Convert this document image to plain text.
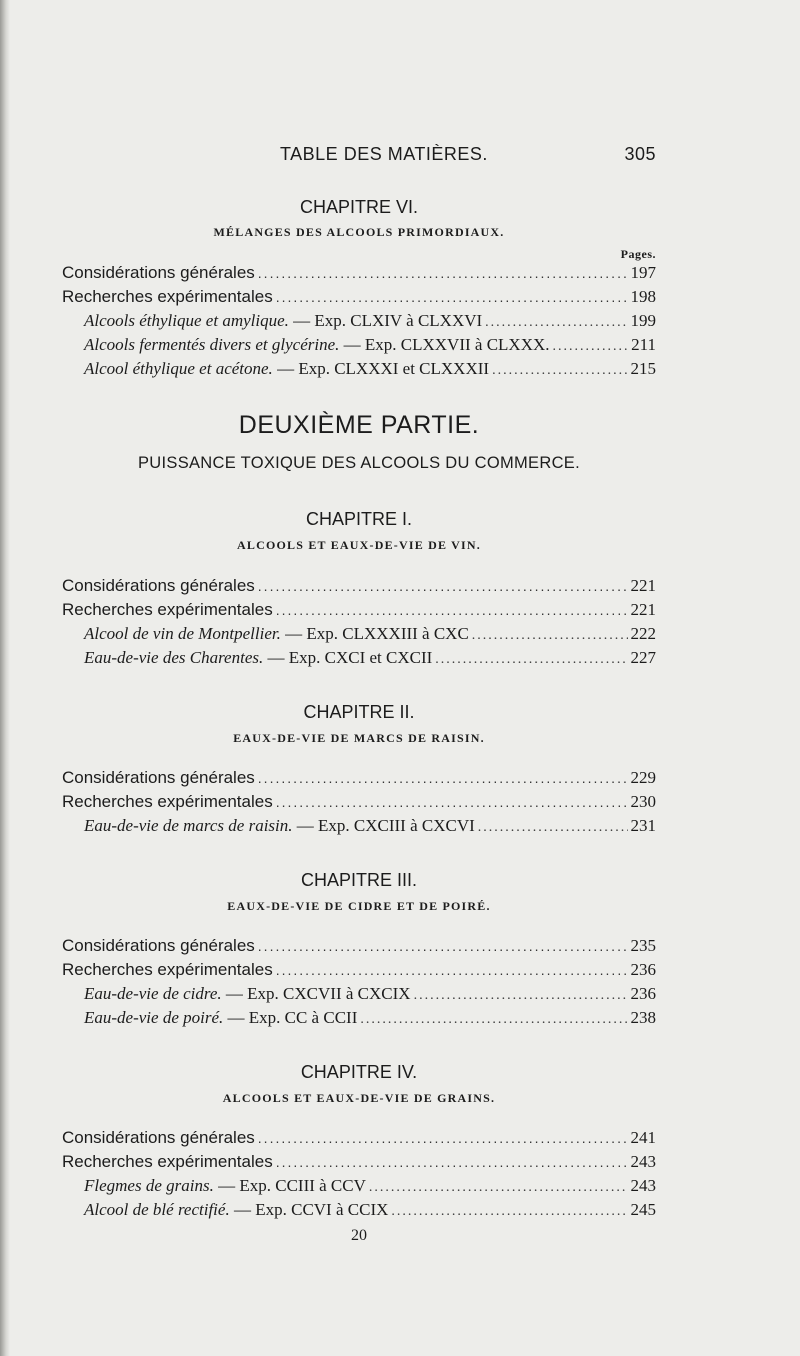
TABLE DES MATIÈRES.	305
CHAPITRE VI.
MÉLANGES DES ALCOOLS PRIMORDIAUX.
Pages.
Considérations générales .....	197
Recherches expérimentales .....	198
Alcools éthylique et amylique. — Exp. CLXIV à CLXXVI .....	199
Alcools fermentés divers et glycérine. — Exp. CLXXVII à CLXXX. .....	211
Alcool éthylique et acétone. — Exp. CLXXXI et CLXXXII .....	215
DEUXIÈME PARTIE.
PUISSANCE TOXIQUE DES ALCOOLS DU COMMERCE.
CHAPITRE I.
ALCOOLS ET EAUX-DE-VIE DE VIN.
Considérations générales .....	221
Recherches expérimentales .....	221
Alcool de vin de Montpellier. — Exp. CLXXXIII à CXC .....	222
Eau-de-vie des Charentes. — Exp. CXCI et CXCII .....	227
CHAPITRE II.
EAUX-DE-VIE DE MARCS DE RAISIN.
Considérations générales .....	229
Recherches expérimentales .....	230
Eau-de-vie de marcs de raisin. — Exp. CXCIII à CXCVI .....	231
CHAPITRE III.
EAUX-DE-VIE DE CIDRE ET DE POIRÉ.
Considérations générales .....	235
Recherches expérimentales .....	236
Eau-de-vie de cidre. — Exp. CXCVII à CXCIX .....	236
Eau-de-vie de poiré. — Exp. CC à CCII .....	238
CHAPITRE IV.
ALCOOLS ET EAUX-DE-VIE DE GRAINS.
Considérations générales .....	241
Recherches expérimentales .....	243
Flegmes de grains. — Exp. CCIII à CCV .....	243
Alcool de blé rectifié. — Exp. CCVI à CCIX .....	245
20
